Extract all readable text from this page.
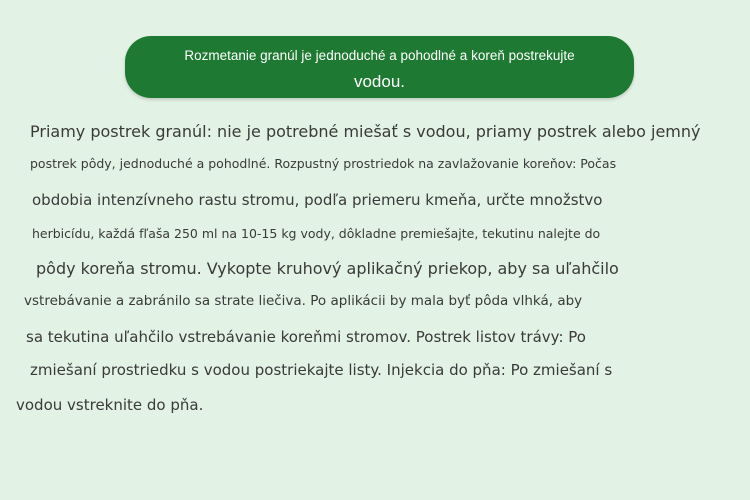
Rozmetanie granúl je jednoduché a pohodlné a koreň postrekujte
vodou.
Priamy postrek granúl: nie je potrebné miešať s vodou, priamy postrek alebo jemný
postrek pôdy, jednoduché a pohodlné. Rozpustný prostriedok na zavlažovanie koreňov: Počas
obdobia intenzívneho rastu stromu, podľa priemeru kmeňa, určte množstvo
herbicídu, každá fľaša 250 ml na 10-15 kg vody, dôkladne premiešajte, tekutinu nalejte do
pôdy koreňa stromu. Vykopte kruhový aplikačný priekop, aby sa uľahčilo
vstrebávanie a zabránilo sa strate liečiva. Po aplikácii by mala byť pôda vlhká, aby
sa tekutina uľahčilo vstrebávanie koreňmi stromov. Postrek listov trávy: Po
zmiešaní prostriedku s vodou postriekajte listy. Injekcia do pňa: Po zmiešaní s
vodou vstreknite do pňa.
